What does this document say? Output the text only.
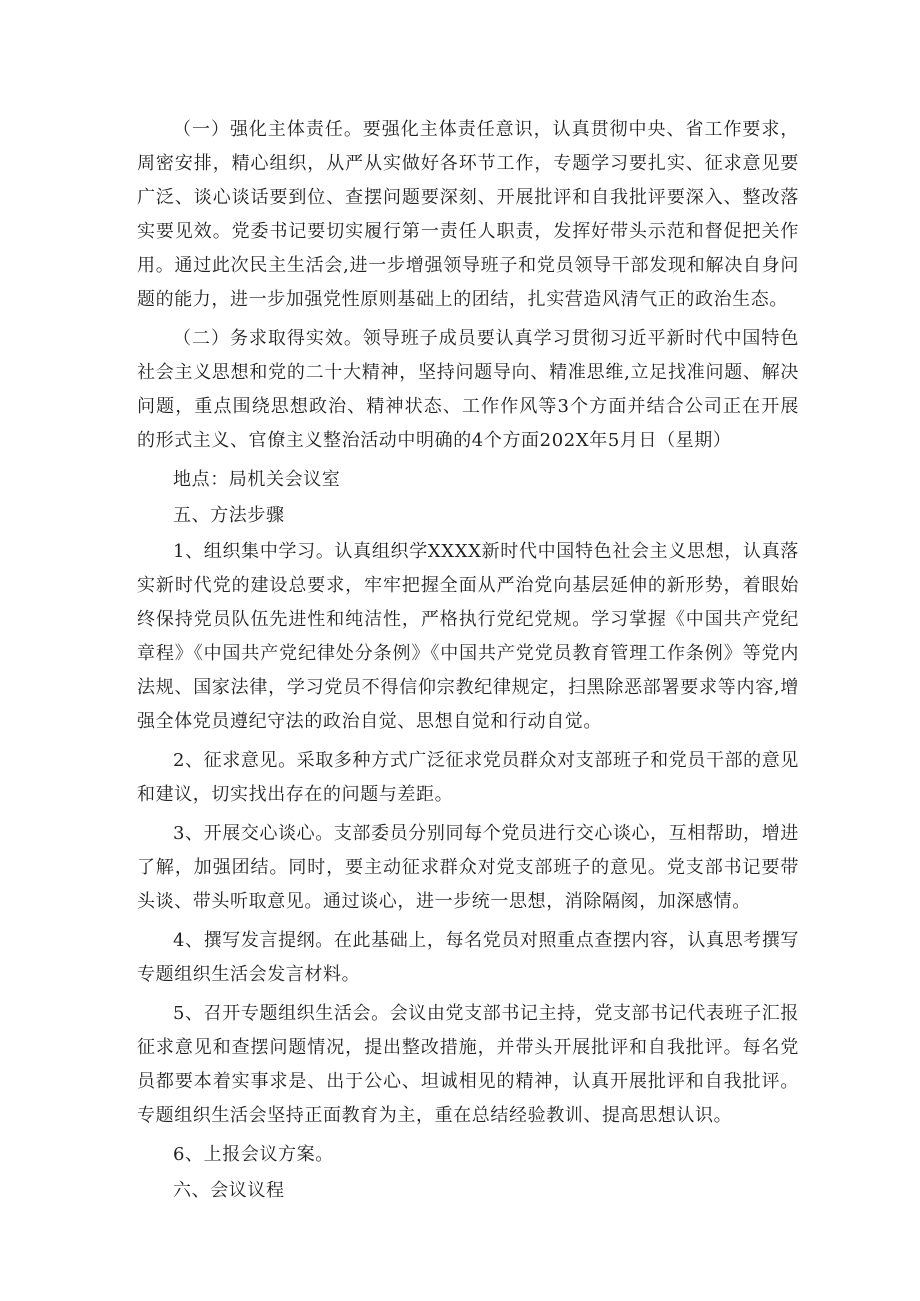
（一）强化主体责任。要强化主体责任意识，认真贯彻中央、省工作要求，周密安排，精心组织，从严从实做好各环节工作，专题学习要扎实、征求意见要广泛、谈心谈话要到位、查摆问题要深刻、开展批评和自我批评要深入、整改落实要见效。党委书记要切实履行第一责任人职责，发挥好带头示范和督促把关作用。通过此次民主生活会,进一步增强领导班子和党员领导干部发现和解决自身问题的能力，进一步加强党性原则基础上的团结，扎实营造风清气正的政治生态。

（二）务求取得实效。领导班子成员要认真学习贯彻习近平新时代中国特色社会主义思想和党的二十大精神，坚持问题导向、精准思维,立足找准问题、解决问题，重点围绕思想政治、精神状态、工作作风等3个方面并结合公司正在开展的形式主义、官僚主义整治活动中明确的4个方面202X年5月日（星期）

地点：局机关会议室

五、方法步骤

1、组织集中学习。认真组织学XXXX新时代中国特色社会主义思想，认真落实新时代党的建设总要求，牢牢把握全面从严治党向基层延伸的新形势，着眼始终保持党员队伍先进性和纯洁性，严格执行党纪党规。学习掌握《中国共产党纪章程》《中国共产党纪律处分条例》《中国共产党党员教育管理工作条例》等党内法规、国家法律，学习党员不得信仰宗教纪律规定，扫黑除恶部署要求等内容,增强全体党员遵纪守法的政治自觉、思想自觉和行动自觉。

2、征求意见。采取多种方式广泛征求党员群众对支部班子和党员干部的意见和建议，切实找出存在的问题与差距。

3、开展交心谈心。支部委员分别同每个党员进行交心谈心，互相帮助，增进了解，加强团结。同时，要主动征求群众对党支部班子的意见。党支部书记要带头谈、带头听取意见。通过谈心，进一步统一思想，消除隔阂，加深感情。

4、撰写发言提纲。在此基础上，每名党员对照重点查摆内容，认真思考撰写专题组织生活会发言材料。

5、召开专题组织生活会。会议由党支部书记主持，党支部书记代表班子汇报征求意见和查摆问题情况，提出整改措施，并带头开展批评和自我批评。每名党员都要本着实事求是、出于公心、坦诚相见的精神，认真开展批评和自我批评。专题组织生活会坚持正面教育为主，重在总结经验教训、提高思想认识。

6、上报会议方案。

六、会议议程
